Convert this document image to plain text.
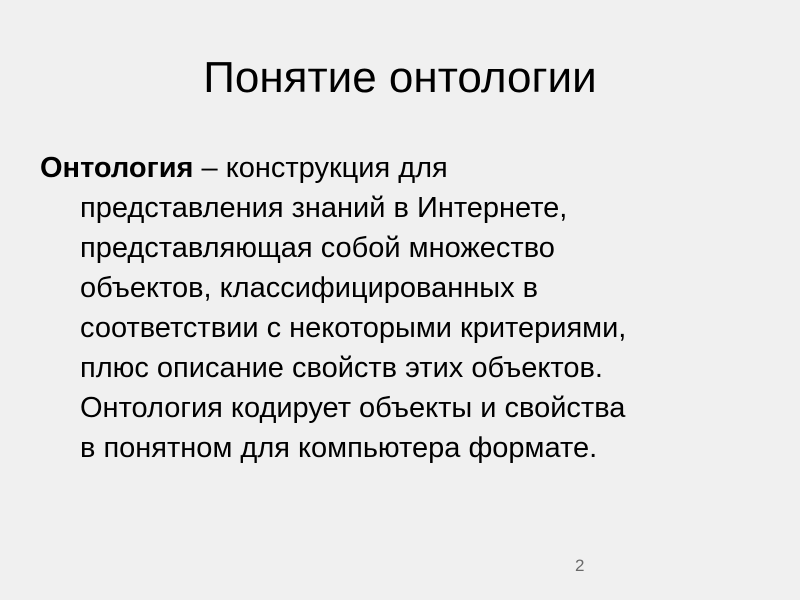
Понятие онтологии
Онтология – конструкция для
представления знаний в Интернете,
представляющая собой множество
объектов, классифицированных в
соответствии с некоторыми критериями,
плюс описание свойств этих объектов.
Онтология кодирует объекты и свойства
в понятном для компьютера формате.
2
